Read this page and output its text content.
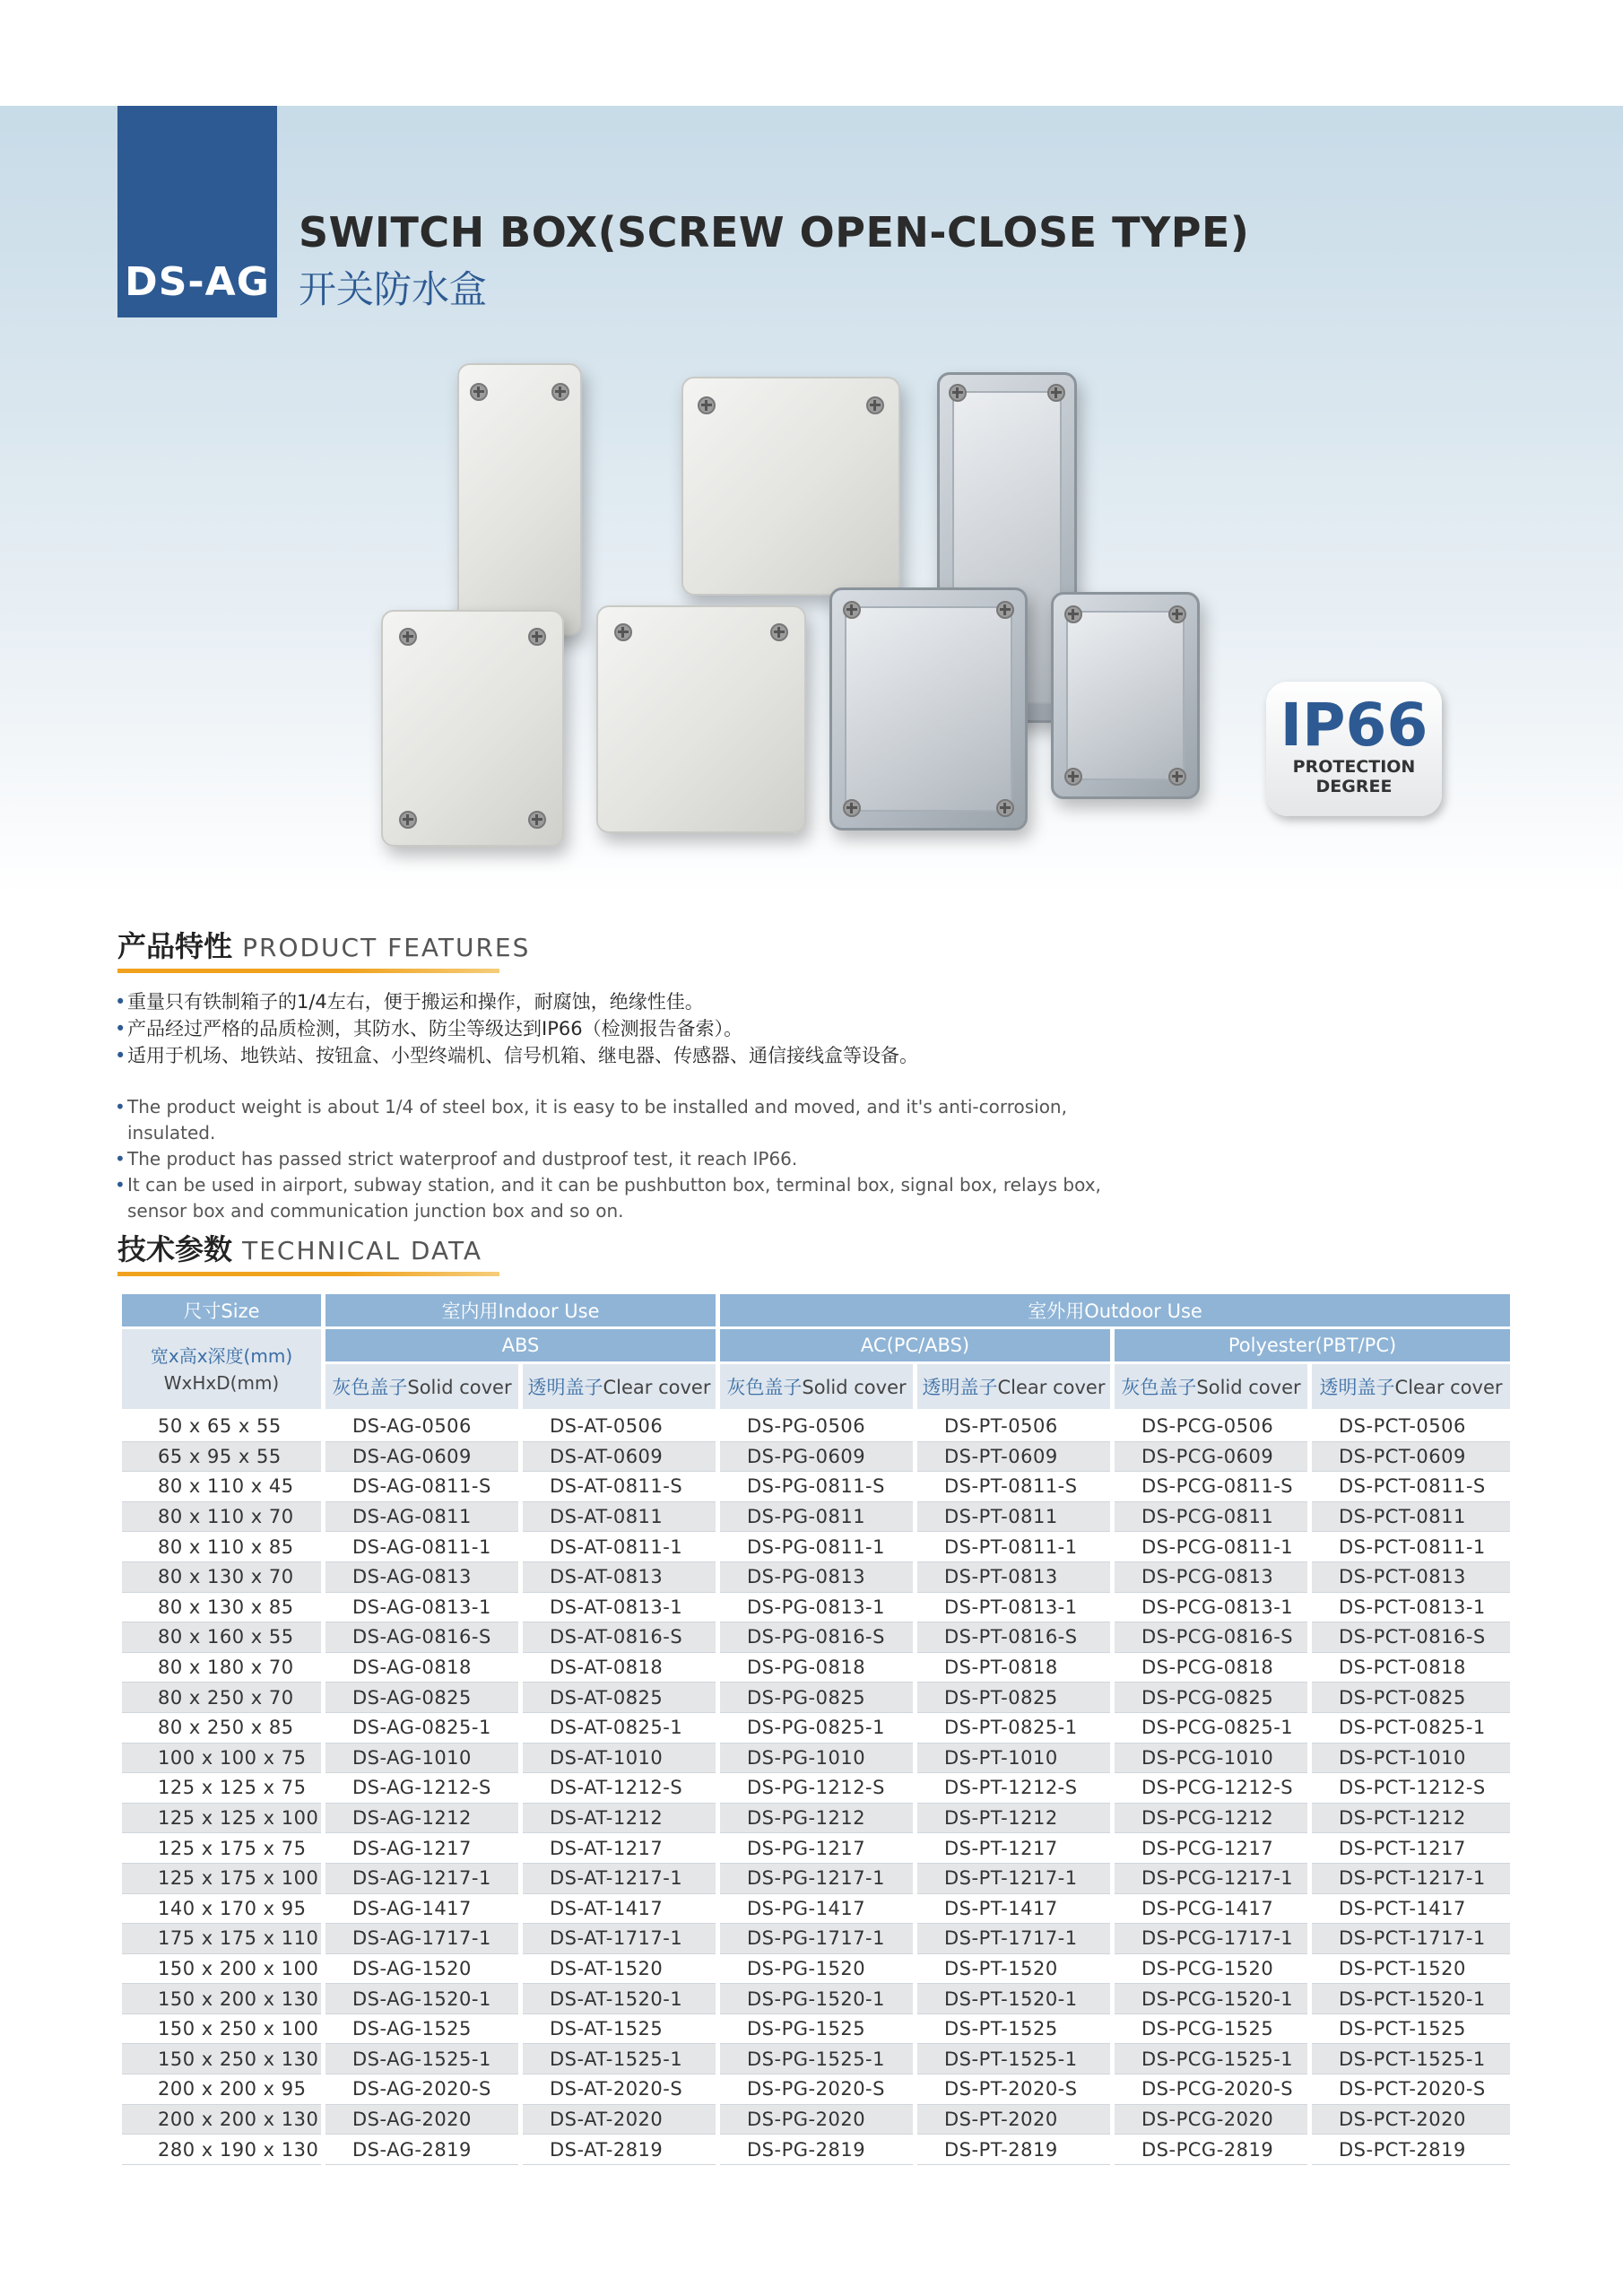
DS-AG
SWITCH BOX(SCREW OPEN-CLOSE TYPE)
开关防水盒
IP66
PROTECTION
DEGREE
产品特性 PRODUCT FEATURES
• 重量只有铁制箱子的1/4左右，便于搬运和操作，耐腐蚀，绝缘性佳。
• 产品经过严格的品质检测，其防水、防尘等级达到IP66（检测报告备索）。
• 适用于机场、地铁站、按钮盒、小型终端机、信号机箱、继电器、传感器、通信接线盒等设备。
• The product weight is about 1/4 of steel box, it is easy to be installed and moved, and it's anti-corrosion, insulated.
• The product has passed strict waterproof and dustproof test, it reach IP66.
• It can be used in airport, subway station, and it can be pushbutton box, terminal box, signal box, relays box, sensor box and communication junction box and so on.
技术参数 TECHNICAL DATA
尺寸Size	室内用Indoor Use		室外用Outdoor Use			
宽x高x深度(mm)
WxHxD(mm)	ABS		AC(PC/ABS)		Polyester(PBT/PC)	
	灰色盖子Solid cover	透明盖子Clear cover	灰色盖子Solid cover	透明盖子Clear cover	灰色盖子Solid cover	透明盖子Clear cover
50 x 65 x 55	DS-AG-0506	DS-AT-0506	DS-PG-0506	DS-PT-0506	DS-PCG-0506	DS-PCT-0506
65 x 95 x 55	DS-AG-0609	DS-AT-0609	DS-PG-0609	DS-PT-0609	DS-PCG-0609	DS-PCT-0609
80 x 110 x 45	DS-AG-0811-S	DS-AT-0811-S	DS-PG-0811-S	DS-PT-0811-S	DS-PCG-0811-S	DS-PCT-0811-S
80 x 110 x 70	DS-AG-0811	DS-AT-0811	DS-PG-0811	DS-PT-0811	DS-PCG-0811	DS-PCT-0811
80 x 110 x 85	DS-AG-0811-1	DS-AT-0811-1	DS-PG-0811-1	DS-PT-0811-1	DS-PCG-0811-1	DS-PCT-0811-1
80 x 130 x 70	DS-AG-0813	DS-AT-0813	DS-PG-0813	DS-PT-0813	DS-PCG-0813	DS-PCT-0813
80 x 130 x 85	DS-AG-0813-1	DS-AT-0813-1	DS-PG-0813-1	DS-PT-0813-1	DS-PCG-0813-1	DS-PCT-0813-1
80 x 160 x 55	DS-AG-0816-S	DS-AT-0816-S	DS-PG-0816-S	DS-PT-0816-S	DS-PCG-0816-S	DS-PCT-0816-S
80 x 180 x 70	DS-AG-0818	DS-AT-0818	DS-PG-0818	DS-PT-0818	DS-PCG-0818	DS-PCT-0818
80 x 250 x 70	DS-AG-0825	DS-AT-0825	DS-PG-0825	DS-PT-0825	DS-PCG-0825	DS-PCT-0825
80 x 250 x 85	DS-AG-0825-1	DS-AT-0825-1	DS-PG-0825-1	DS-PT-0825-1	DS-PCG-0825-1	DS-PCT-0825-1
100 x 100 x 75	DS-AG-1010	DS-AT-1010	DS-PG-1010	DS-PT-1010	DS-PCG-1010	DS-PCT-1010
125 x 125 x 75	DS-AG-1212-S	DS-AT-1212-S	DS-PG-1212-S	DS-PT-1212-S	DS-PCG-1212-S	DS-PCT-1212-S
125 x 125 x 100	DS-AG-1212	DS-AT-1212	DS-PG-1212	DS-PT-1212	DS-PCG-1212	DS-PCT-1212
125 x 175 x 75	DS-AG-1217	DS-AT-1217	DS-PG-1217	DS-PT-1217	DS-PCG-1217	DS-PCT-1217
125 x 175 x 100	DS-AG-1217-1	DS-AT-1217-1	DS-PG-1217-1	DS-PT-1217-1	DS-PCG-1217-1	DS-PCT-1217-1
140 x 170 x 95	DS-AG-1417	DS-AT-1417	DS-PG-1417	DS-PT-1417	DS-PCG-1417	DS-PCT-1417
175 x 175 x 110	DS-AG-1717-1	DS-AT-1717-1	DS-PG-1717-1	DS-PT-1717-1	DS-PCG-1717-1	DS-PCT-1717-1
150 x 200 x 100	DS-AG-1520	DS-AT-1520	DS-PG-1520	DS-PT-1520	DS-PCG-1520	DS-PCT-1520
150 x 200 x 130	DS-AG-1520-1	DS-AT-1520-1	DS-PG-1520-1	DS-PT-1520-1	DS-PCG-1520-1	DS-PCT-1520-1
150 x 250 x 100	DS-AG-1525	DS-AT-1525	DS-PG-1525	DS-PT-1525	DS-PCG-1525	DS-PCT-1525
150 x 250 x 130	DS-AG-1525-1	DS-AT-1525-1	DS-PG-1525-1	DS-PT-1525-1	DS-PCG-1525-1	DS-PCT-1525-1
200 x 200 x 95	DS-AG-2020-S	DS-AT-2020-S	DS-PG-2020-S	DS-PT-2020-S	DS-PCG-2020-S	DS-PCT-2020-S
200 x 200 x 130	DS-AG-2020	DS-AT-2020	DS-PG-2020	DS-PT-2020	DS-PCG-2020	DS-PCT-2020
280 x 190 x 130	DS-AG-2819	DS-AT-2819	DS-PG-2819	DS-PT-2819	DS-PCG-2819	DS-PCT-2819
